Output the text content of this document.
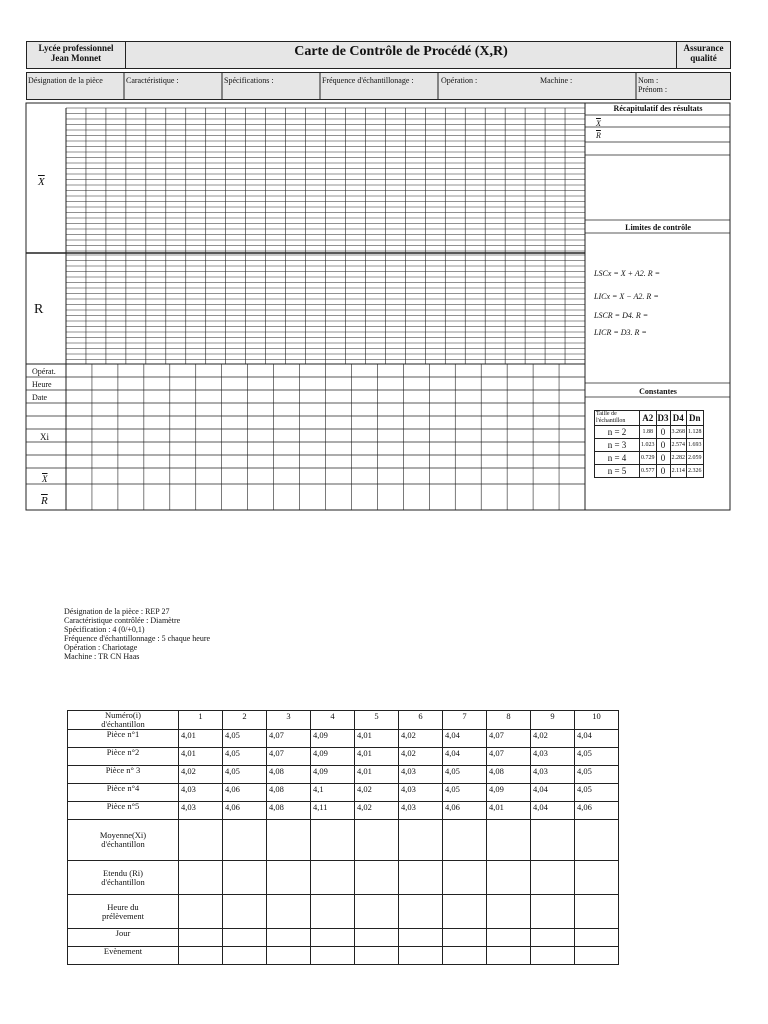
Lycée professionnel
Jean Monnet	Carte de Contrôle de Procédé (X,R)	Assurance
qualité
Désignation de la pièce	Caractéristique :	Spécifications :	Fréquence d'échantillonage :	Opération :	Machine :	Nom :
Prénom :
$\overline{X}$
R
Opérat.
Heure
Date
Xi
$\overline{X}$
$\overline{R}$
Récapitulatif des résultats
$\overline{X}$
$\overline{R}$
Limites de contrôle
LSCx = X + A2. R =
LICx = X − A2. R =
LSCR = D4. R =
LICR = D3. R =
Constantes
Taille de l'échantillon	A2	D3	D4	Dn
n = 2	1.88	0	3.268	1.128
n = 3	1.023	0	2.574	1.693
n = 4	0.729	0	2.282	2.059
n = 5	0.577	0	2.114	2.326
Désignation de la pièce : REP 27
Caractéristique contrôlée : Diamètre
Spécification : 4 (0/+0,1)
Fréquence d'échantillonnage : 5 chaque heure
Opération : Chariotage
Machine : TR CN Haas
Numéro(i)
d'échantillon	1	2	3	4	5	6	7	8	9	10
Pièce n°1	4,01	4,05	4,07	4,09	4,01	4,02	4,04	4,07	4,02	4,04
Pièce n°2	4,01	4,05	4,07	4,09	4,01	4,02	4,04	4,07	4,03	4,05
Pièce n° 3	4,02	4,05	4,08	4,09	4,01	4,03	4,05	4,08	4,03	4,05
Pièce n°4	4,03	4,06	4,08	4,1	4,02	4,03	4,05	4,09	4,04	4,05
Pièce n°5	4,03	4,06	4,08	4,11	4,02	4,03	4,06	4,01	4,04	4,06

Moyenne(Xi)
d'échantillon										

Etendu (Ri)
d'échantillon										

Heure du
prélèvement										

Jour										
Evènement										
